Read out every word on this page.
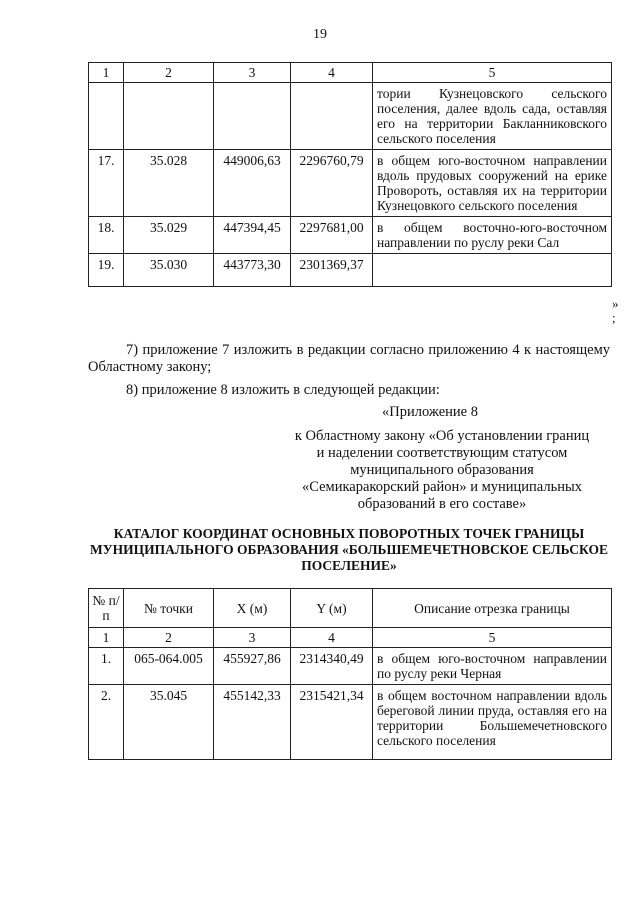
19
1	2	3	4	5
				тории Кузнецовского сельского поселения, далее вдоль сада, оставляя его на территории Бакланниковского сельского поселения
17.	35.028	449006,63	2296760,79	в общем юго-восточном направлении вдоль прудовых сооружений на ерике Провороть, оставляя их на территории Кузнецовкого сельского поселения
18.	35.029	447394,45	2297681,00	в общем восточно-юго-восточном направлении по руслу реки Сал
19.	35.030	443773,30	2301369,37	
»
;
7) приложение 7 изложить в редакции согласно приложению 4 к настоящему Областному закону;
8) приложение 8 изложить в следующей редакции:
«Приложение 8
к Областному закону «Об установлении границ и наделении соответствующим статусом муниципального образования «Семикаракорский район» и муниципальных образований в его составе»
КАТАЛОГ КООРДИНАТ ОСНОВНЫХ ПОВОРОТНЫХ ТОЧЕК ГРАНИЦЫ МУНИЦИПАЛЬНОГО ОБРАЗОВАНИЯ «БОЛЬШЕМЕЧЕТНОВСКОЕ СЕЛЬСКОЕ ПОСЕЛЕНИЕ»
№ п/п	№ точки	Х (м)	Y (м)	Описание отрезка границы
1	2	3	4	5
1.	065-064.005	455927,86	2314340,49	в общем юго-восточном направлении по руслу реки Черная
2.	35.045	455142,33	2315421,34	в общем восточном направлении вдоль береговой линии пруда, оставляя его на территории Большемечетновского сельского поселения
